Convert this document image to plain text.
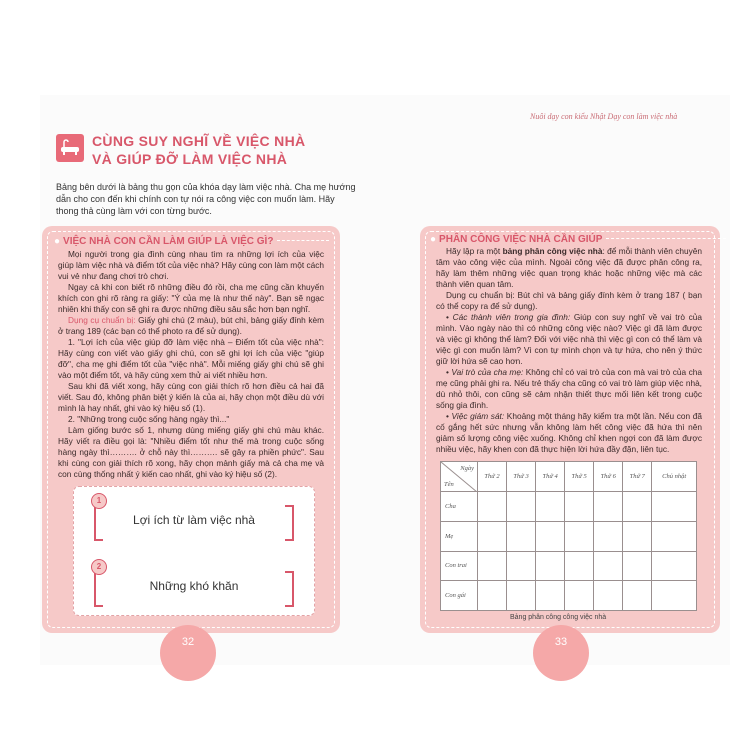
Nuôi dạy con kiểu Nhật Dạy con làm việc nhà
CÙNG SUY NGHĨ VỀ VIỆC NHÀ
VÀ GIÚP ĐỠ LÀM VIỆC NHÀ
Bảng bên dưới là bảng thu gọn của khóa dạy làm việc nhà. Cha mẹ hướng dẫn cho con đến khi chính con tự nói ra công việc con muốn làm. Hãy thong thả cùng làm với con từng bước.
● VIỆC NHÀ CON CẦN LÀM GIÚP LÀ VIỆC GÌ?

Mọi người trong gia đình cùng nhau tìm ra những lợi ích của việc giúp làm việc nhà và điểm tốt của việc nhà? Hãy cùng con làm một cách vui vẻ như đang chơi trò chơi.

Ngay cả khi con biết rõ những điều đó rồi, cha mẹ cũng cần khuyến khích con ghi rõ ràng ra giấy: "Ý của mẹ là như thế này". Bạn sẽ ngạc nhiên khi thấy con sẽ ghi ra được những điều sâu sắc hơn bạn nghĩ.

Dụng cụ chuẩn bị: Giấy ghi chú (2 màu), bút chì, bảng giấy đính kèm ở trang 189 (các bạn có thể photo ra để sử dụng).

1. "Lợi ích của việc giúp đỡ làm việc nhà – Điểm tốt của việc nhà": Hãy cùng con viết vào giấy ghi chú, con sẽ ghi lợi ích của việc "giúp đỡ", cha mẹ ghi điểm tốt của "việc nhà". Mỗi miếng giấy ghi chú sẽ ghi vào một điểm tốt, và hãy cùng xem thử ai viết nhiều hơn.

Sau khi đã viết xong, hãy cùng con giải thích rõ hơn điều cả hai đã viết. Sau đó, không phân biệt ý kiến là của ai, hãy chọn một điều dù với mình là hay nhất, ghi vào ký hiệu số (1).

2. "Những trong cuộc sống hàng ngày thì..."

Làm giống bước số 1, nhưng dùng miếng giấy ghi chú màu khác. Hãy viết ra điều gọi là: "Nhiều điểm tốt như thế mà trong cuộc sống hàng ngày thì………. ở chỗ này thì………. sẽ gây ra phiền phức". Sau khi cùng con giải thích rõ xong, hãy chọn mảnh giấy mà cả cha mẹ và con cùng thống nhất ý kiến cao nhất, ghi vào ký hiệu số (2).

1
Lợi ích từ làm việc nhà
2
Những khó khăn
● PHÂN CÔNG VIỆC NHÀ CẦN GIÚP

Hãy lập ra một bảng phân công việc nhà: để mỗi thành viên chuyên tâm vào công việc của mình. Ngoài công việc đã được phân công ra, hãy làm thêm những việc quan trọng khác hoặc những việc mà các thành viên quan tâm.

Dụng cụ chuẩn bị: Bút chì và bảng giấy đính kèm ở trang 187 ( bạn có thể copy ra để sử dụng).

• Các thành viên trong gia đình: Giúp con suy nghĩ về vai trò của mình. Vào ngày nào thì có những công việc nào? Việc gì đã làm được và việc gì không thể làm? Đối với việc nhà thì việc gì con có thể làm và việc gì con muốn làm? Vì con tự mình chọn và tự hứa, cho nên ý thức giữ lời hứa sẽ cao hơn.

• Vai trò của cha mẹ: Không chỉ có vai trò của con mà vai trò của cha mẹ cũng phải ghi ra. Nếu trẻ thấy cha cũng có vai trò làm giúp việc nhà, dù nhỏ thôi, con cũng sẽ cảm nhận thiết thực mối liên kết trong cuộc sống gia đình.

• Việc giám sát: Khoảng một tháng hãy kiểm tra một lần. Nếu con đã cố gắng hết sức nhưng vẫn không làm hết công việc đã hứa thì nên giảm số lượng công việc xuống. Không chỉ khen ngợi con đã làm được nhiều việc, hãy khen con đã thực hiện lời hứa đầy đặn, liên tục.

Ngày
Tên	Thứ 2	Thứ 3	Thứ 4	Thứ 5	Thứ 6	Thứ 7	Chủ nhật
Cha							
Mẹ							
Con trai							
Con gái							
Bảng phân công công việc nhà
32	33
